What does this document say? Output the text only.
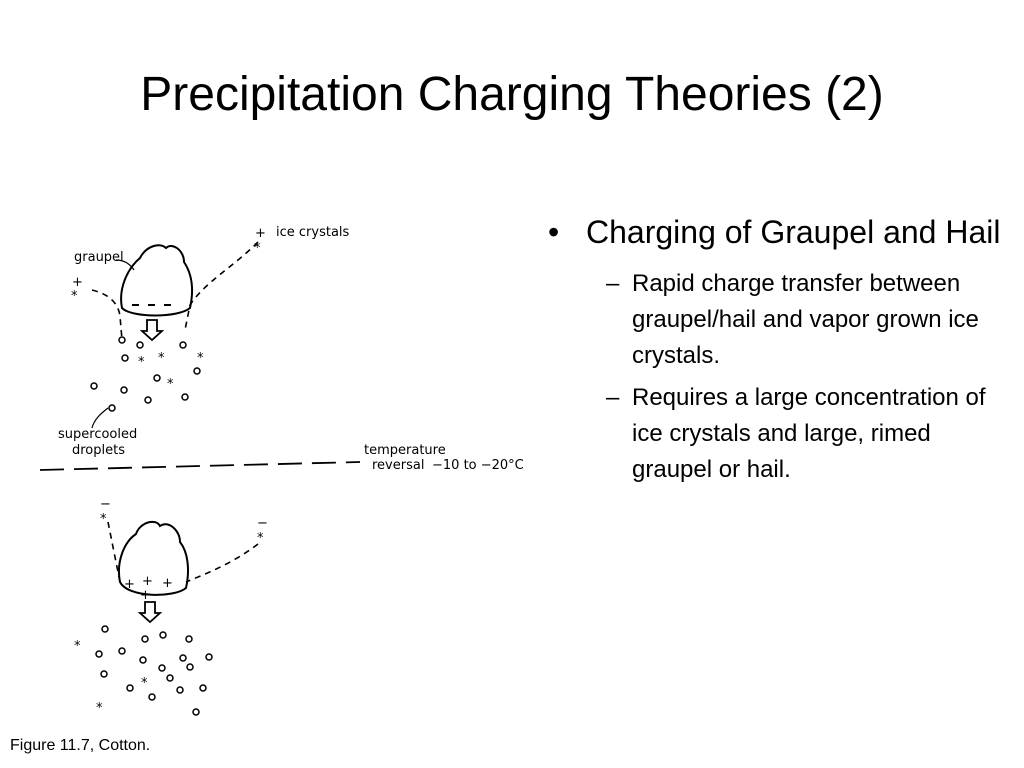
Precipitation Charging Theories (2)
+
*
+
*
graupel
ice crystals
* *	*
*
supercooled
droplets	temperature
reversal −10 to −20°C
+ + +
+
−
*	−
*
*
*
*
Figure 11.7, Cotton.
• Charging of Graupel and Hail
– Rapid charge transfer between graupel/hail and vapor grown ice crystals.
– Requires a large concentration of ice crystals and large, rimed graupel or hail.
